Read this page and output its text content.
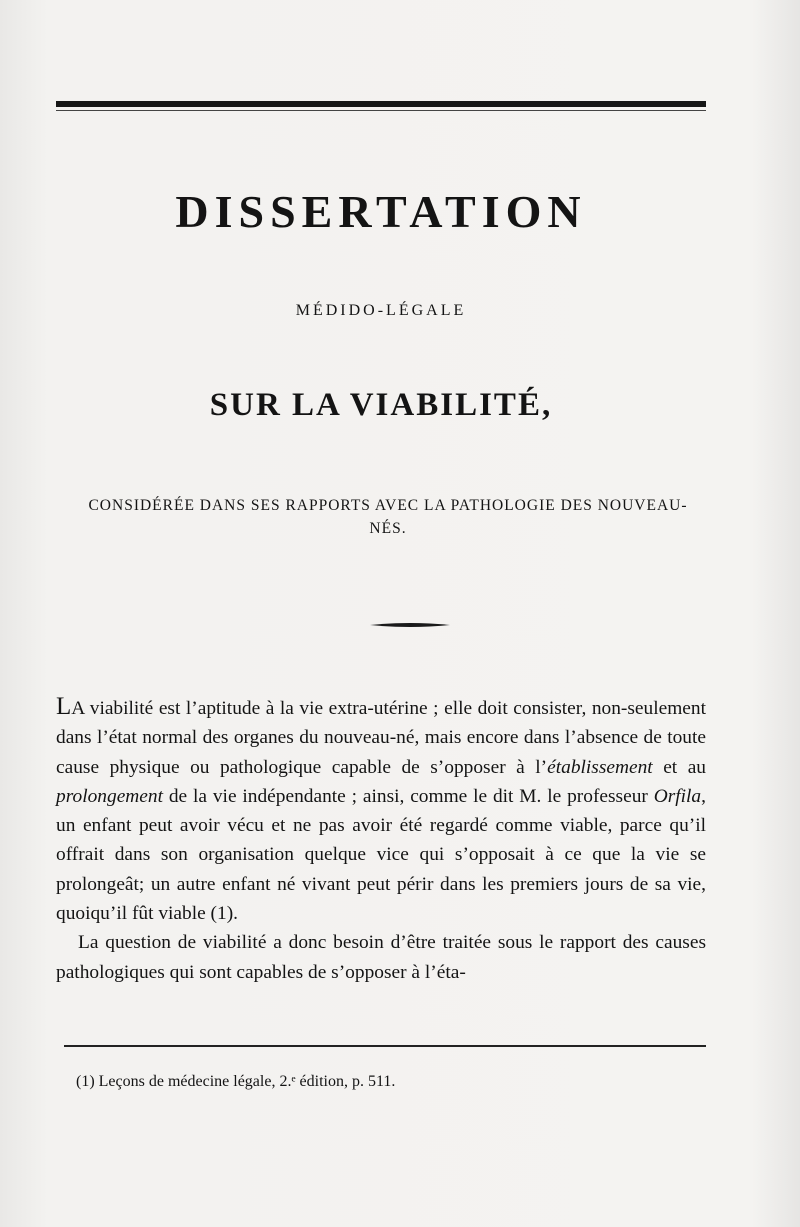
DISSERTATION
MÉDIDO-LÉGALE
SUR LA VIABILITÉ,
CONSIDÉRÉE DANS SES RAPPORTS AVEC LA PATHOLOGIE DES NOUVEAU-NÉS.

LA viabilité est l’aptitude à la vie extra-utérine ; elle doit consister, non-seulement dans l’état normal des organes du nouveau-né, mais encore dans l’absence de toute cause physique ou pathologique capable de s’opposer à l’établissement et au prolongement de la vie indépendante ; ainsi, comme le dit M. le professeur Orfila, un enfant peut avoir vécu et ne pas avoir été regardé comme viable, parce qu’il offrait dans son organisation quelque vice qui s’opposait à ce que la vie se prolongeât; un autre enfant né vivant peut périr dans les premiers jours de sa vie, quoiqu’il fût viable (1).

La question de viabilité a donc besoin d’être traitée sous le rapport des causes pathologiques qui sont capables de s’opposer à l’éta-

(1) Leçons de médecine légale, 2.ᵉ édition, p. 511.
